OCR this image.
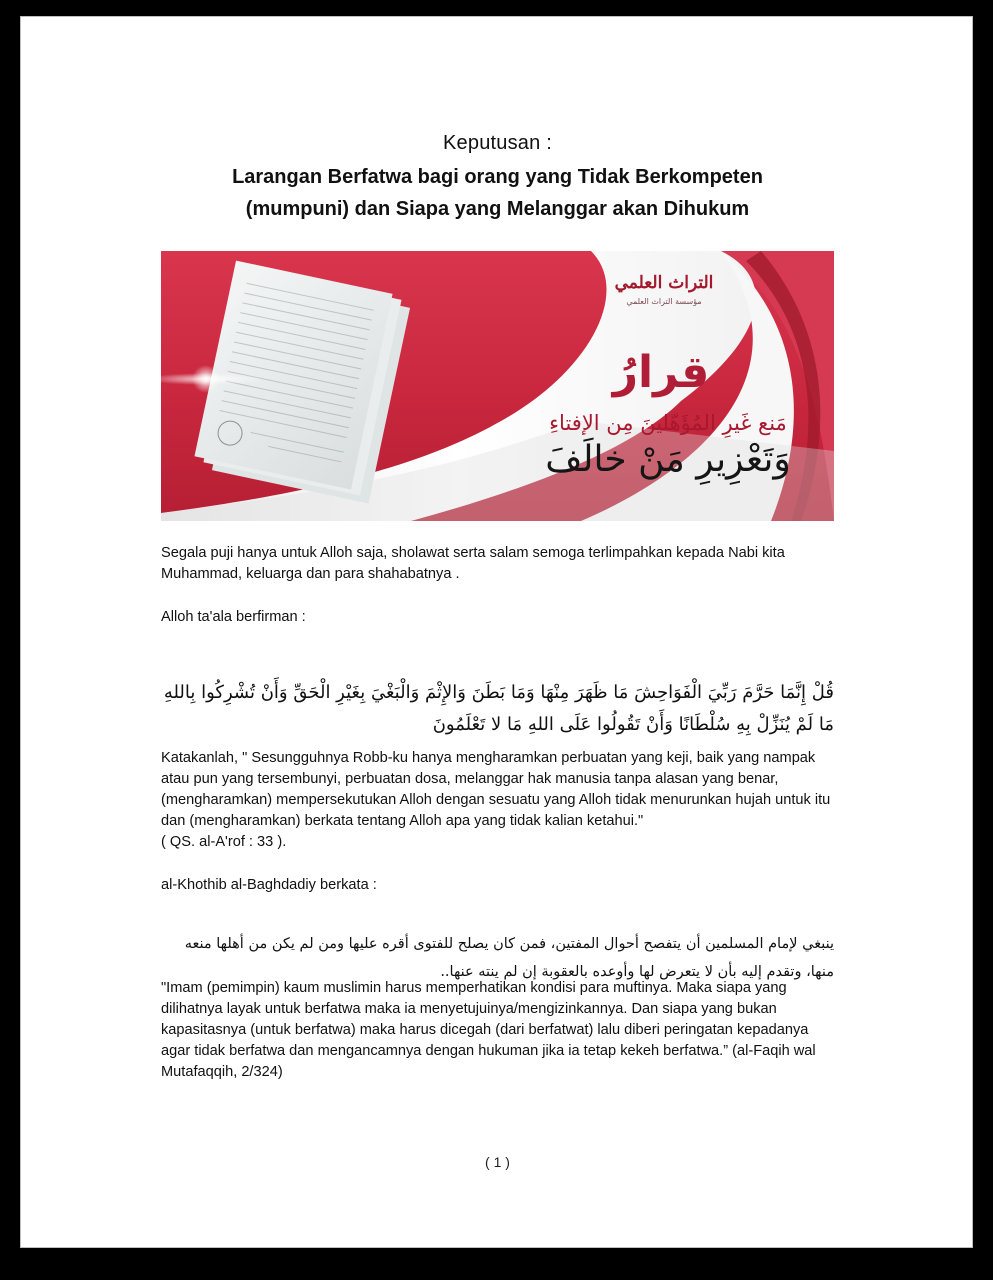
Keputusan :

Larangan Berfatwa bagi orang yang Tidak Berkompeten
(mumpuni) dan Siapa yang Melanggar akan Dihukum

التراث العلمي
مؤسسة التراث العلمي
قرارُ
مَنع غَيرِ المُؤَهّلينَ مِن الإفتاءِ
وَتَعْزِيرِ مَنْ خالَفَ

Segala puji hanya untuk Alloh saja, sholawat serta salam semoga terlimpahkan kepada Nabi kita Muhammad, keluarga dan para shahabatnya .

Alloh ta'ala berfirman :

قُلْ إِنَّمَا حَرَّمَ رَبِّيَ الْفَوَاحِشَ مَا ظَهَرَ مِنْهَا وَمَا بَطَنَ وَالإِثْمَ وَالْبَغْيَ بِغَيْرِ الْحَقِّ وَأَنْ تُشْرِكُوا بِاللهِ مَا لَمْ يُنَزِّلْ بِهِ سُلْطَانًا وَأَنْ تَقُولُوا عَلَى اللهِ مَا لا تَعْلَمُونَ

Katakanlah, " Sesungguhnya Robb-ku hanya mengharamkan perbuatan yang keji, baik yang nampak atau pun yang tersembunyi, perbuatan dosa, melanggar hak manusia tanpa alasan yang benar, (mengharamkan) mempersekutukan Alloh dengan sesuatu yang Alloh tidak menurunkan hujah untuk itu dan (mengharamkan) berkata tentang Alloh apa yang tidak kalian ketahui."

( QS. al-A'rof : 33 ).

al-Khothib al-Baghdadiy berkata :

ينبغي لإمام المسلمين أن يتفصح أحوال المفتين، فمن كان يصلح للفتوى أقره عليها ومن لم يكن من أهلها منعه منها، وتقدم إليه بأن لا يتعرض لها وأوعده بالعقوبة إن لم ينته عنها..

"Imam (pemimpin) kaum muslimin harus memperhatikan kondisi para muftinya. Maka siapa yang dilihatnya layak untuk berfatwa maka ia menyetujuinya/mengizinkannya. Dan siapa yang bukan kapasitasnya (untuk berfatwa) maka harus dicegah (dari berfatwat) lalu diberi peringatan kepadanya agar tidak berfatwa dan mengancamnya dengan hukuman jika ia tetap kekeh berfatwa.” (al-Faqih wal Mutafaqqih, 2/324)

( 1 )
